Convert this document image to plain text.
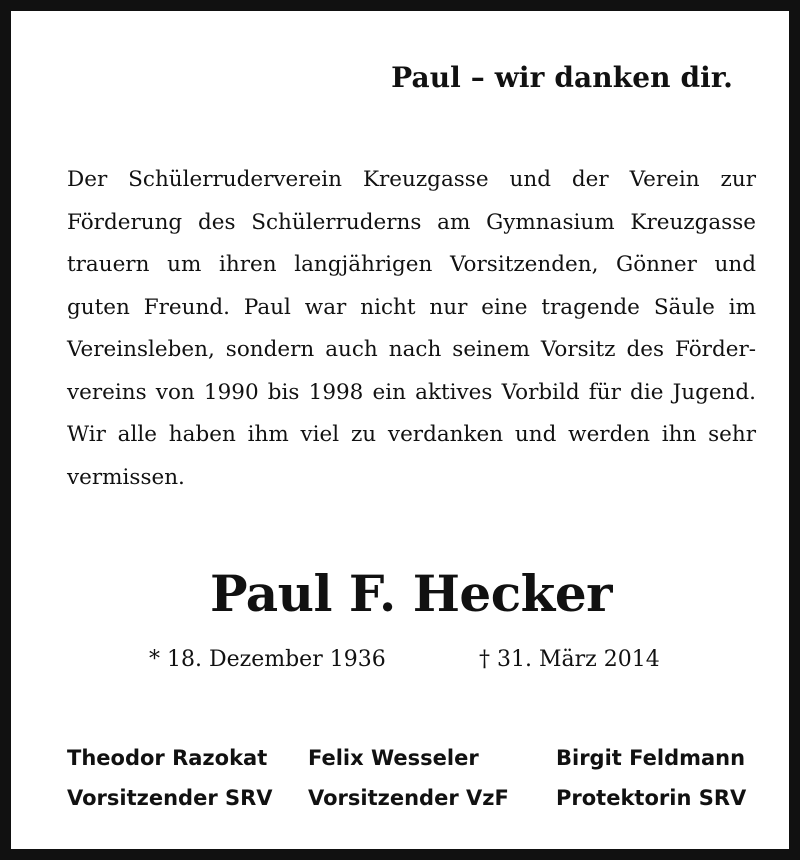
Paul – wir danken dir.
Der Schülerruderverein Kreuzgasse und der Verein zur
Förderung des Schülerruderns am Gymnasium Kreuzgasse
trauern um ihren langjährigen Vorsitzenden, Gönner und
guten Freund. Paul war nicht nur eine tragende Säule im
Vereinsleben, sondern auch nach seinem Vorsitz des Förder-
vereins von 1990 bis 1998 ein aktives Vorbild für die Jugend.
Wir alle haben ihm viel zu verdanken und werden ihn sehr
vermissen.
Paul F. Hecker
* 18. Dezember 1936	† 31. März 2014
Theodor Razokat
Vorsitzender SRV
Felix Wesseler
Vorsitzender VzF
Birgit Feldmann
Protektorin SRV
